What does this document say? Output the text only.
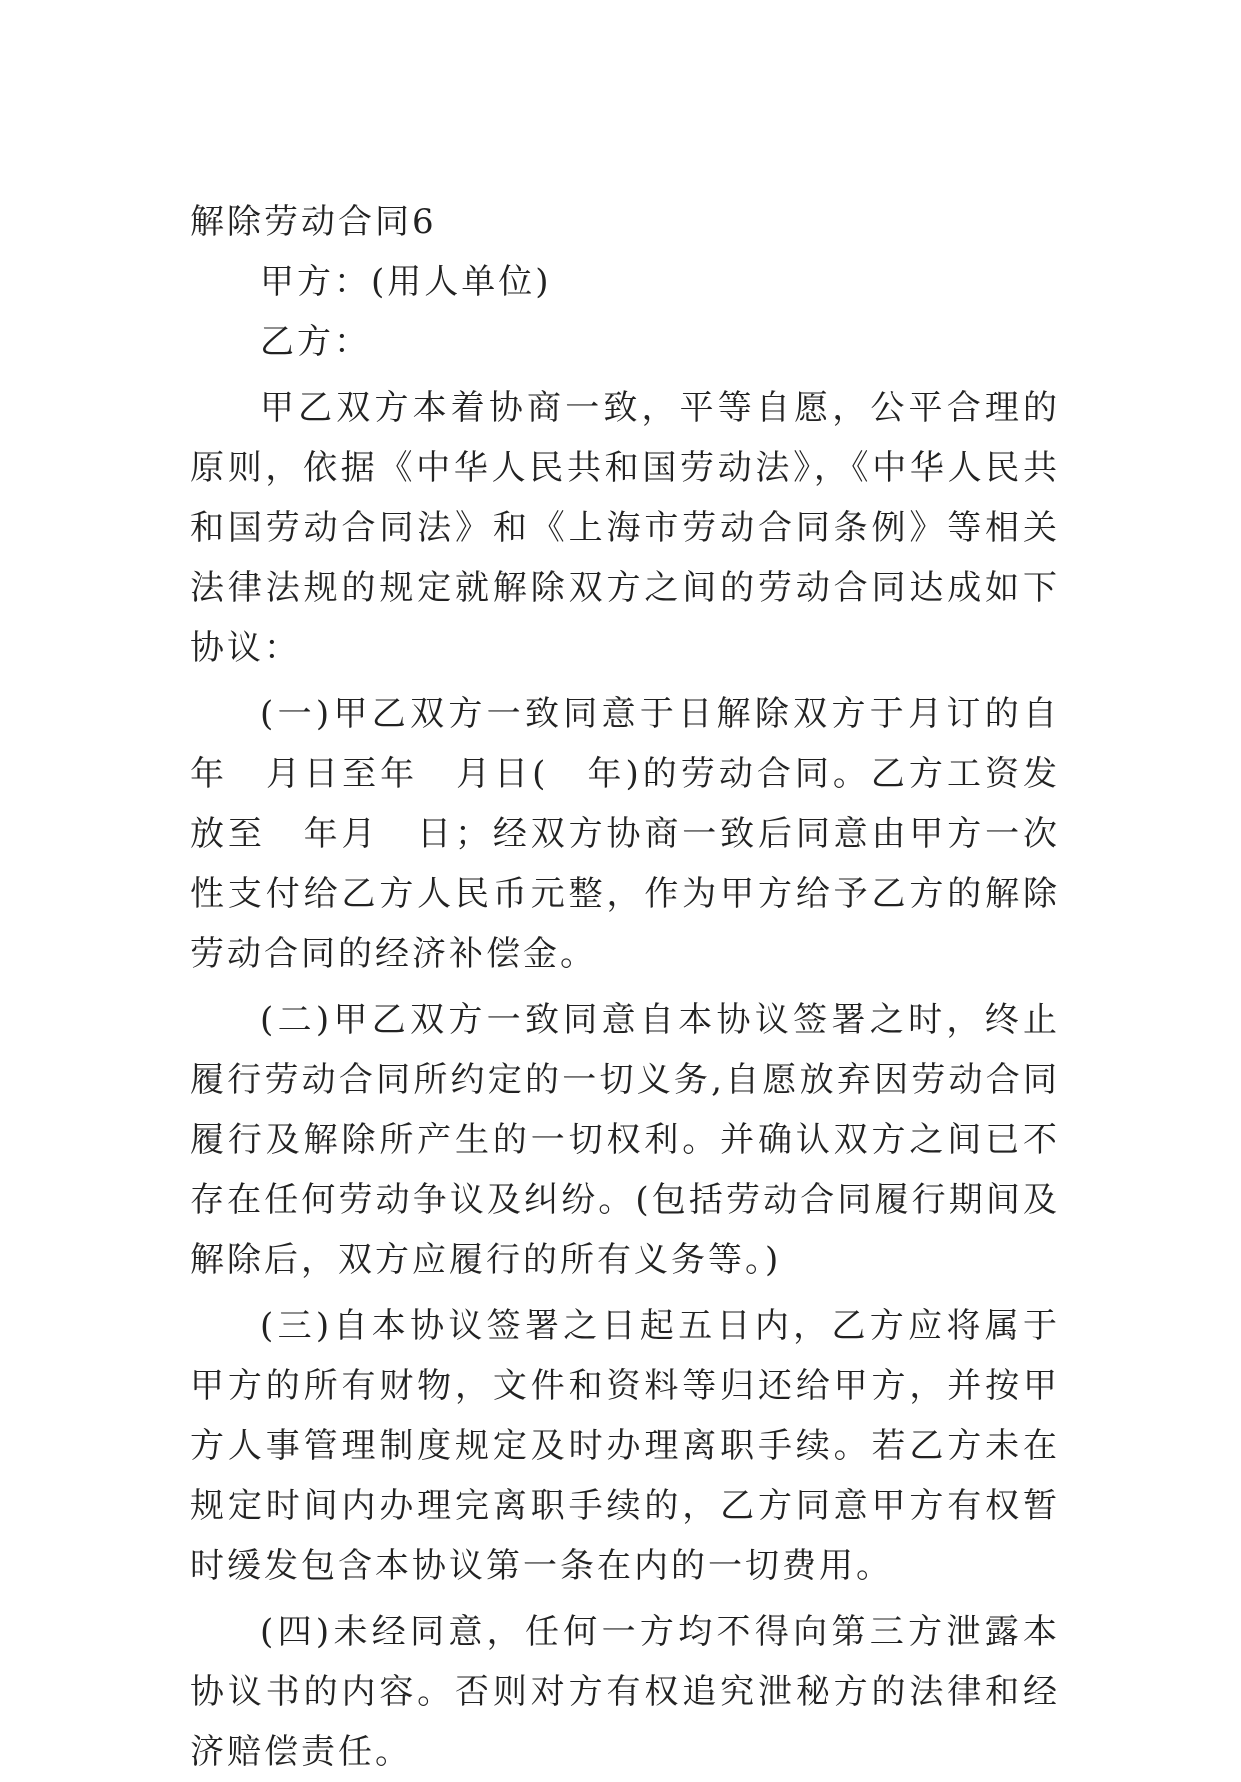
解除劳动合同6

甲方：(用人单位)

乙方：

甲乙双方本着协商一致，平等自愿，公平合理的原则，依据《中华人民共和国劳动法》，《中华人民共和国劳动合同法》和《上海市劳动合同条例》等相关法律法规的规定就解除双方之间的劳动合同达成如下协议：

(一)甲乙双方一致同意于日解除双方于月订的自　年　月日至年　月日(　年)的劳动合同。乙方工资发放至　年月　日；经双方协商一致后同意由甲方一次性支付给乙方人民币元整，作为甲方给予乙方的解除劳动合同的经济补偿金。

(二)甲乙双方一致同意自本协议签署之时，终止履行劳动合同所约定的一切义务,自愿放弃因劳动合同履行及解除所产生的一切权利。并确认双方之间已不存在任何劳动争议及纠纷。(包括劳动合同履行期间及解除后，双方应履行的所有义务等。)

(三)自本协议签署之日起五日内，乙方应将属于甲方的所有财物，文件和资料等归还给甲方，并按甲方人事管理制度规定及时办理离职手续。若乙方未在规定时间内办理完离职手续的，乙方同意甲方有权暂时缓发包含本协议第一条在内的一切费用。

(四)未经同意，任何一方均不得向第三方泄露本协议书的内容。否则对方有权追究泄秘方的法律和经济赔偿责任。
